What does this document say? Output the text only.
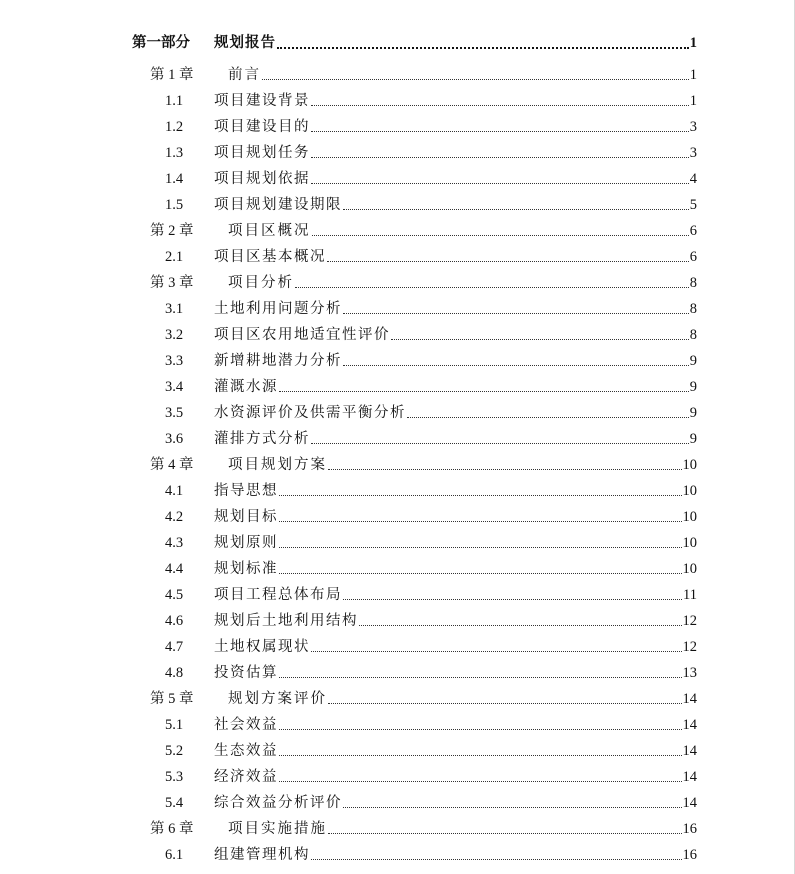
第一部分 规划报告	1
第 1 章 前言	1
1.1 项目建设背景	1
1.2 项目建设目的	3
1.3 项目规划任务	3
1.4 项目规划依据	4
1.5 项目规划建设期限	5
第 2 章 项目区概况	6
2.1 项目区基本概况	6
第 3 章 项目分析	8
3.1 土地利用问题分析	8
3.2 项目区农用地适宜性评价	8
3.3 新增耕地潜力分析	9
3.4 灌溉水源	9
3.5 水资源评价及供需平衡分析	9
3.6 灌排方式分析	9
第 4 章 项目规划方案	10
4.1 指导思想	10
4.2 规划目标	10
4.3 规划原则	10
4.4 规划标准	10
4.5 项目工程总体布局	11
4.6 规划后土地利用结构	12
4.7 土地权属现状	12
4.8 投资估算	13
第 5 章 规划方案评价	14
5.1 社会效益	14
5.2 生态效益	14
5.3 经济效益	14
5.4 综合效益分析评价	14
第 6 章 项目实施措施	16
6.1 组建管理机构	16
